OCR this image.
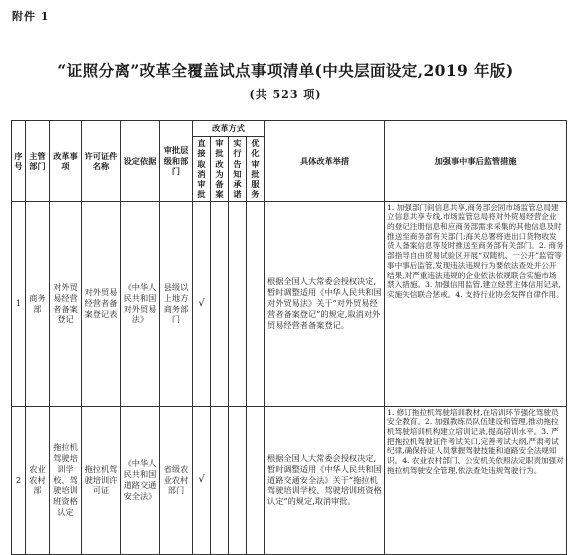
附件 1
“证照分离”改革全覆盖试点事项清单(中央层面设定,2019 年版)
(共 523 项)
序号	主管部门	改革事项	许可证件名称	设定依据	审批层级和部门	改革方式				具体改革举措	加强事中事后监管措施
						直接取消审批	审批改为备案	实行告知承诺	优化审批服务		
1	商务部	对外贸易经营者备案登记	对外贸易经营者备案登记表	《中华人民共和国对外贸易法》	县级以上地方商务部门	√				根据全国人大常委会授权决定,暂时调整适用《中华人民共和国对外贸易法》关于“对外贸易经营者备案登记”的规定,取消对外贸易经营者备案登记。	1. 加强部门间信息共享,商务部会同市场监管总局建立信息共享专线,市场监管总局将对外贸易经营企业的登记注册信息和应商务部需求采集的其他信息及时推送至商务部有关部门;海关总署将进出口货物收发货人备案信息等及时推送至商务部有关部门。2. 商务部指导自由贸易试验区开展“双随机、一公开”监管等事中事后监管,发现违法违规行为要依法查处并公开结果,对严重违法违规的企业依法依规联合实施市场禁入措施。3. 加强信用监管,建立经营主体信用记录,实施失信联合惩戒。4. 支持行业协会发挥自律作用。
2	农业农村部	拖拉机驾驶培训学校、驾驶培训班资格认定	拖拉机驾驶培训许可证	《中华人民共和国道路交通安全法》	省级农业农村部门	√				根据全国人大常委会授权决定,暂时调整适用《中华人民共和国道路交通安全法》关于“拖拉机驾驶培训学校、驾驶培训班资格认定”的规定,取消审批。	1. 修订拖拉机驾驶培训教材,在培训环节强化驾驶员安全教育。2. 加强教练员队伍建设和管理,推动拖拉机驾驶培训机构建立培训记录,提高培训水平。3. 严把拖拉机驾驶证件考试关口,完善考试大纲,严肃考试纪律,确保持证人员掌握驾驶技能和道路安全法规知识。4. 农业农村部门、公安机关依照法定职责加强对拖拉机驾驶安全管理,依法查处违规驾驶行为。
